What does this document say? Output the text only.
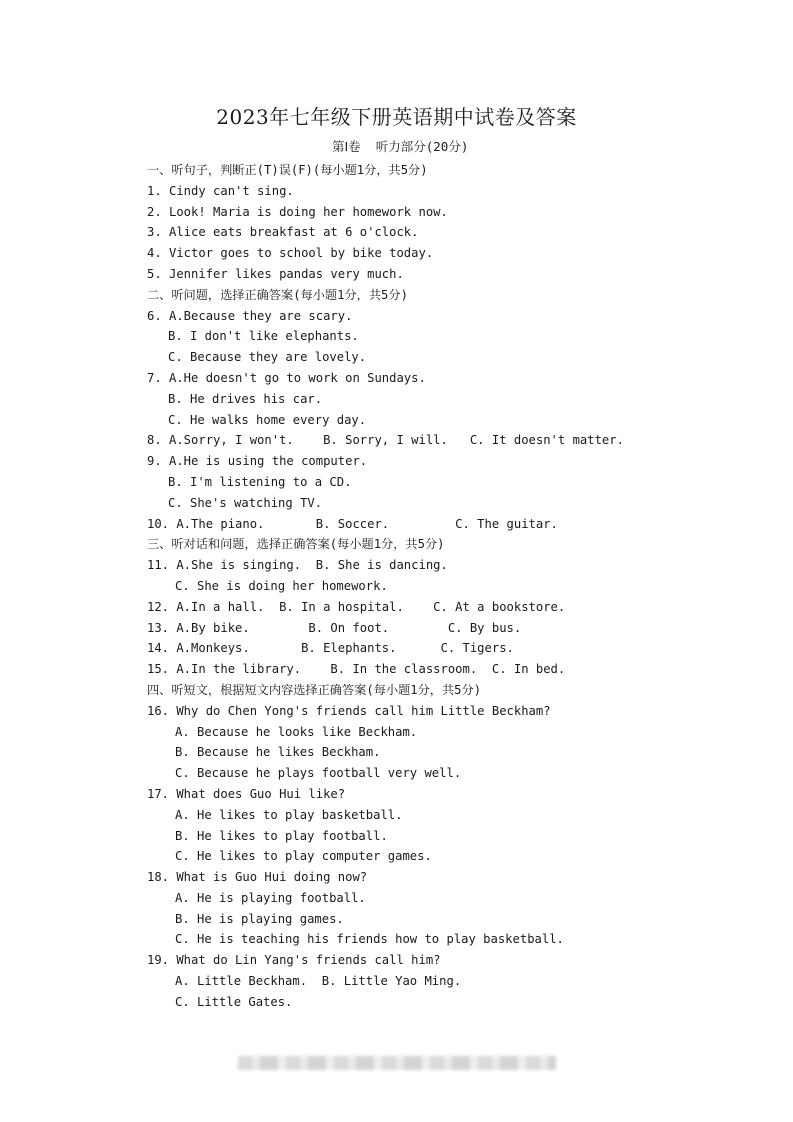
2023年七年级下册英语期中试卷及答案
第Ⅰ卷  听力部分(20分)
一、听句子，判断正(T)误(F)(每小题1分，共5分)
1. Cindy can't sing.
2. Look! Maria is doing her homework now.
3. Alice eats breakfast at 6 o'clock.
4. Victor goes to school by bike today.
5. Jennifer likes pandas very much.
二、听问题，选择正确答案(每小题1分，共5分)
6. A.Because they are scary.
B. I don't like elephants.
C. Because they are lovely.
7. A.He doesn't go to work on Sundays.
B. He drives his car.
C. He walks home every day.
8. A.Sorry, I won't.    B. Sorry, I will.   C. It doesn't matter.
9. A.He is using the computer.
B. I'm listening to a CD.
C. She's watching TV.
10. A.The piano.       B. Soccer.         C. The guitar.
三、听对话和问题，选择正确答案(每小题1分，共5分)
11. A.She is singing.  B. She is dancing.
C. She is doing her homework.
12. A.In a hall.  B. In a hospital.    C. At a bookstore.
13. A.By bike.        B. On foot.        C. By bus.
14. A.Monkeys.       B. Elephants.      C. Tigers.
15. A.In the library.    B. In the classroom.  C. In bed.
四、听短文，根据短文内容选择正确答案(每小题1分，共5分)
16. Why do Chen Yong's friends call him Little Beckham?
A. Because he looks like Beckham.
B. Because he likes Beckham.
C. Because he plays football very well.
17. What does Guo Hui like?
A. He likes to play basketball.
B. He likes to play football.
C. He likes to play computer games.
18. What is Guo Hui doing now?
A. He is playing football.
B. He is playing games.
C. He is teaching his friends how to play basketball.
19. What do Lin Yang's friends call him?
A. Little Beckham.  B. Little Yao Ming.
C. Little Gates.
